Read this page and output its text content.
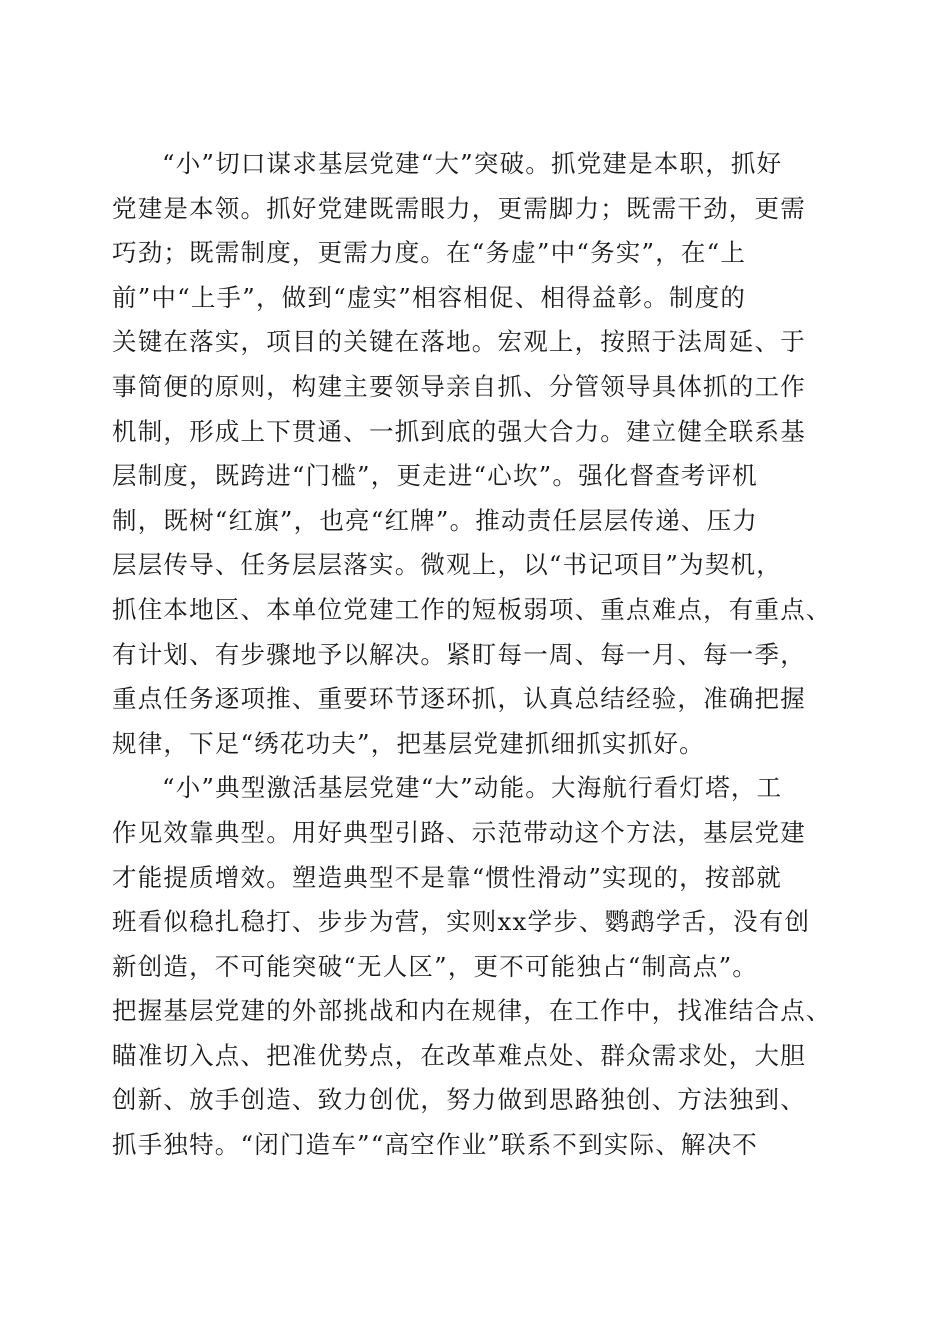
“小”切口谋求基层党建“大”突破。抓党建是本职，抓好
党建是本领。抓好党建既需眼力，更需脚力；既需干劲，更需
巧劲；既需制度，更需力度。在“务虚”中“务实”，在“上
前”中“上手”，做到“虚实”相容相促、相得益彰。制度的
关键在落实，项目的关键在落地。宏观上，按照于法周延、于
事简便的原则，构建主要领导亲自抓、分管领导具体抓的工作
机制，形成上下贯通、一抓到底的强大合力。建立健全联系基
层制度，既跨进“门槛”，更走进“心坎”。强化督查考评机
制，既树“红旗”，也亮“红牌”。推动责任层层传递、压力
层层传导、任务层层落实。微观上，以“书记项目”为契机，
抓住本地区、本单位党建工作的短板弱项、重点难点，有重点、
有计划、有步骤地予以解决。紧盯每一周、每一月、每一季，
重点任务逐项推、重要环节逐环抓，认真总结经验，准确把握
规律，下足“绣花功夫”，把基层党建抓细抓实抓好。
“小”典型激活基层党建“大”动能。大海航行看灯塔，工
作见效靠典型。用好典型引路、示范带动这个方法，基层党建
才能提质增效。塑造典型不是靠“惯性滑动”实现的，按部就
班看似稳扎稳打、步步为营，实则xx学步、鹦鹉学舌，没有创
新创造，不可能突破“无人区”，更不可能独占“制高点”。
把握基层党建的外部挑战和内在规律，在工作中，找准结合点、
瞄准切入点、把准优势点，在改革难点处、群众需求处，大胆
创新、放手创造、致力创优，努力做到思路独创、方法独到、
抓手独特。“闭门造车”“高空作业”联系不到实际、解决不
